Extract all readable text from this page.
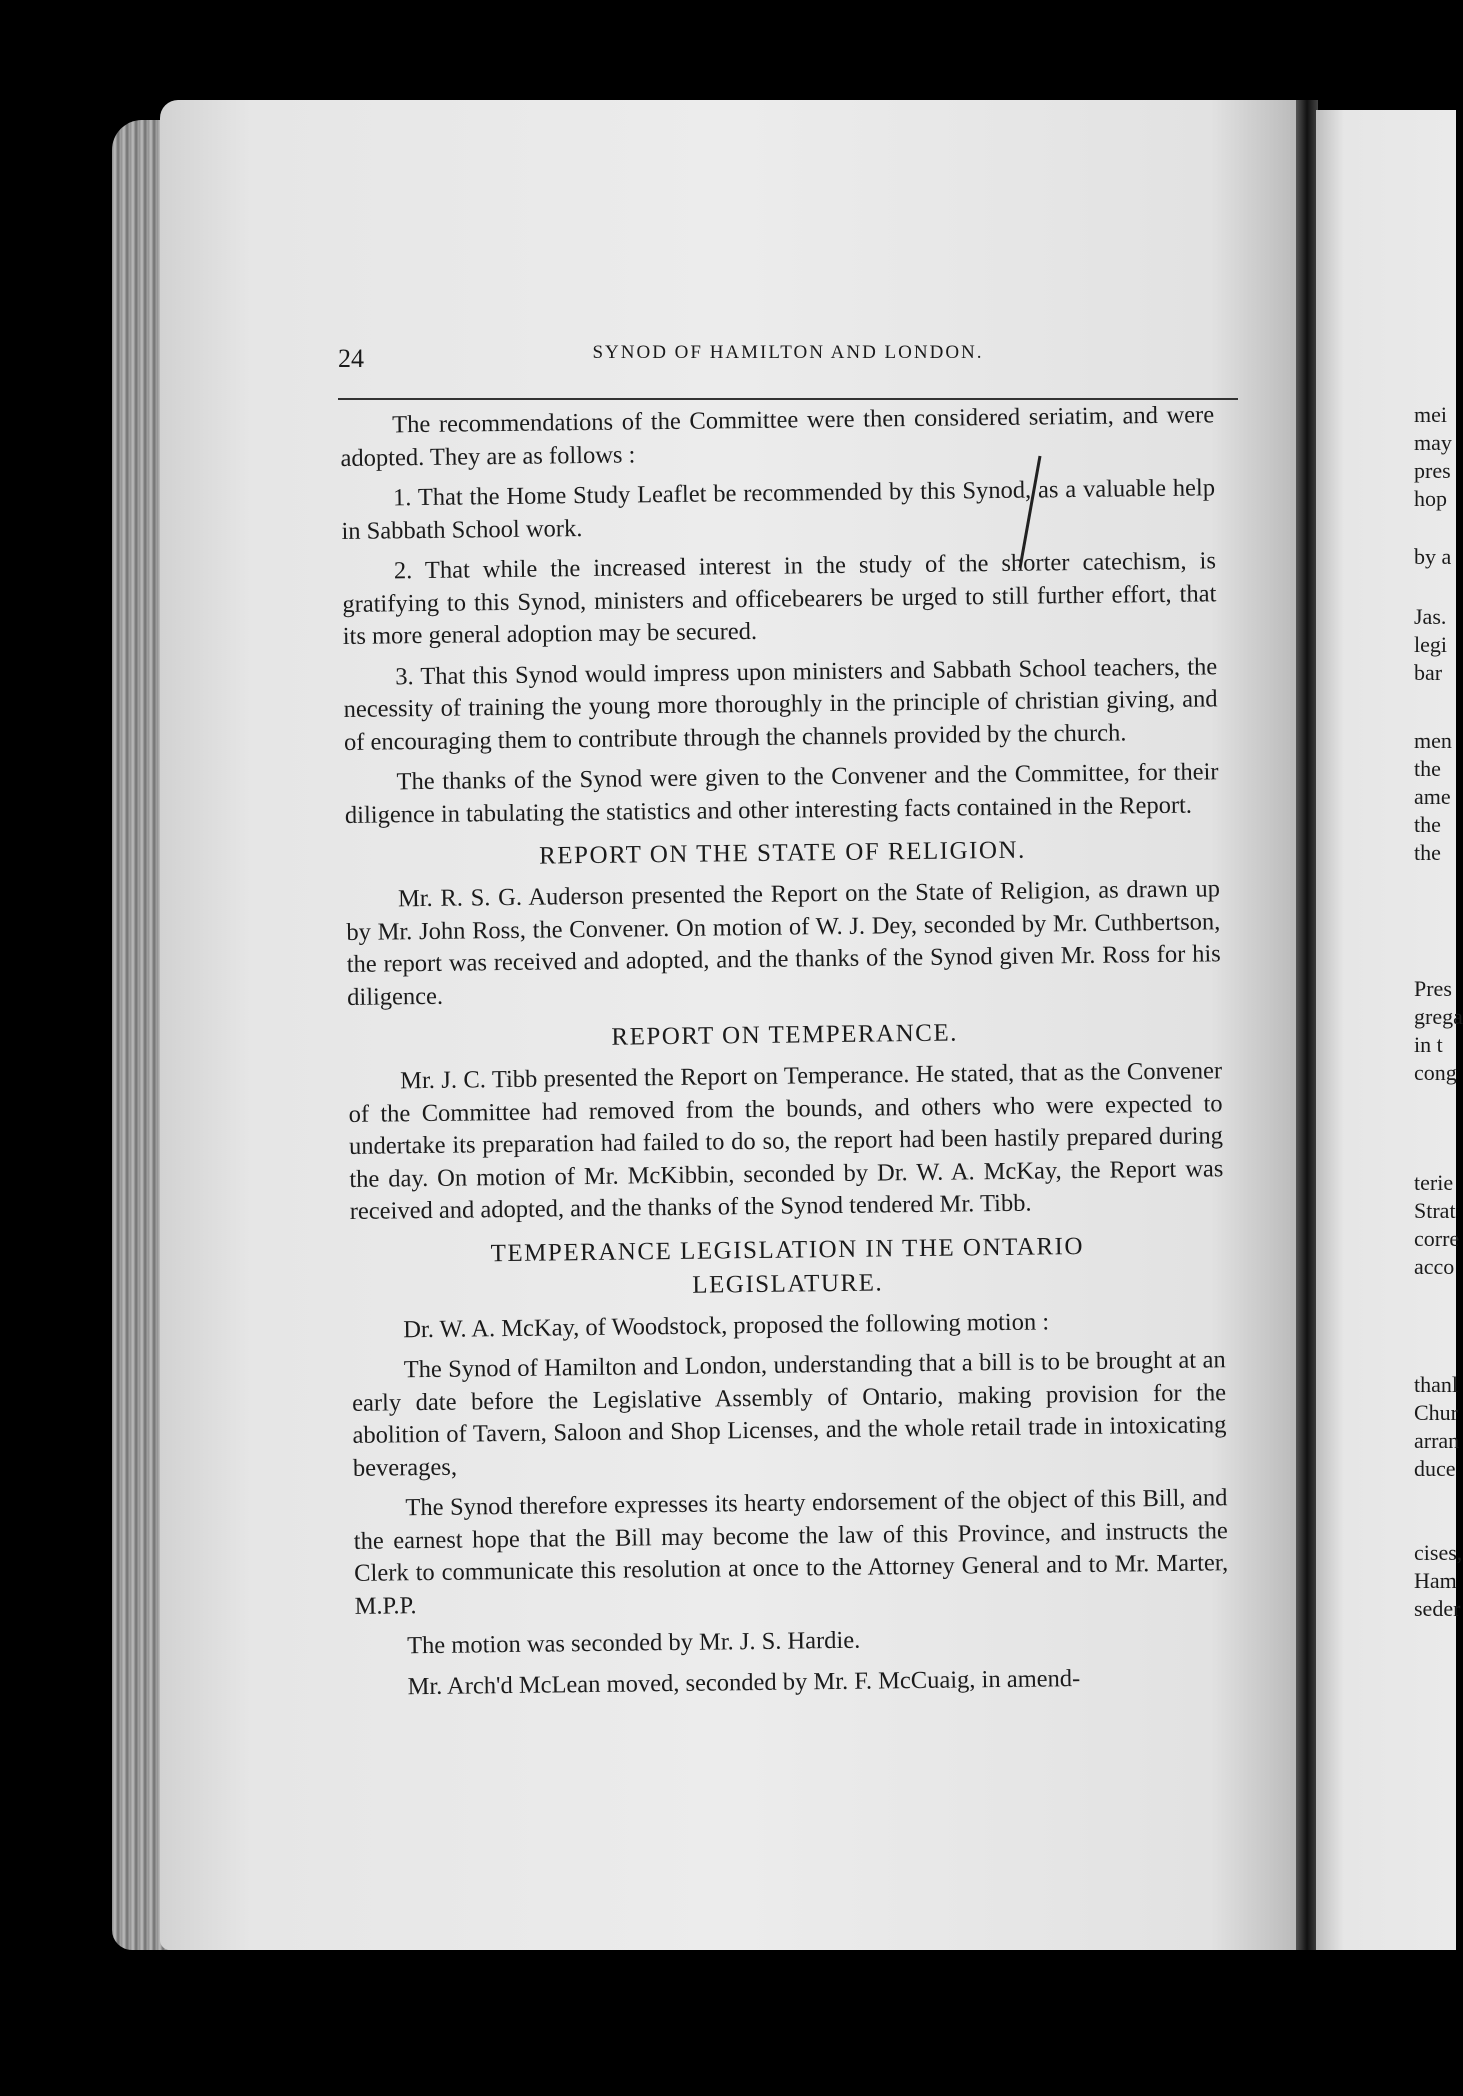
24	SYNOD OF HAMILTON AND LONDON.

The recommendations of the Committee were then considered seriatim, and were adopted. They are as follows :

1. That the Home Study Leaflet be recommended by this Synod, as a valuable help in Sabbath School work.

2. That while the increased interest in the study of the shorter catechism, is gratifying to this Synod, ministers and officebearers be urged to still further effort, that its more general adoption may be secured.

3. That this Synod would impress upon ministers and Sabbath School teachers, the necessity of training the young more thoroughly in the principle of christian giving, and of encouraging them to contribute through the channels provided by the church.

The thanks of the Synod were given to the Convener and the Committee, for their diligence in tabulating the statistics and other interesting facts contained in the Report.

REPORT ON THE STATE OF RELIGION.

Mr. R. S. G. Auderson presented the Report on the State of Religion, as drawn up by Mr. John Ross, the Convener. On motion of W. J. Dey, seconded by Mr. Cuthbertson, the report was received and adopted, and the thanks of the Synod given Mr. Ross for his diligence.

REPORT ON TEMPERANCE.

Mr. J. C. Tibb presented the Report on Temperance. He stated, that as the Convener of the Committee had removed from the bounds, and others who were expected to undertake its preparation had failed to do so, the report had been hastily prepared during the day. On motion of Mr. McKibbin, seconded by Dr. W. A. McKay, the Report was received and adopted, and the thanks of the Synod tendered Mr. Tibb.

TEMPERANCE LEGISLATION IN THE ONTARIO
LEGISLATURE.

Dr. W. A. McKay, of Woodstock, proposed the following motion :

The Synod of Hamilton and London, understanding that a bill is to be brought at an early date before the Legislative Assembly of Ontario, making provision for the abolition of Tavern, Saloon and Shop Licenses, and the whole retail trade in intoxicating beverages,

The Synod therefore expresses its hearty endorsement of the object of this Bill, and the earnest hope that the Bill may become the law of this Province, and instructs the Clerk to communicate this resolution at once to the Attorney General and to Mr. Marter, M.P.P.

The motion was seconded by Mr. J. S. Hardie.

Mr. Arch'd McLean moved, seconded by Mr. F. McCuaig, in amend-

mei
may
pres
hop
by a
Jas.
legi
bar
men
the
ame
the
the
Pres
grega
in t
cong
terie
Strat
corre
acco
thanl
Chur
arran
duce
cises,
Ham
seder
